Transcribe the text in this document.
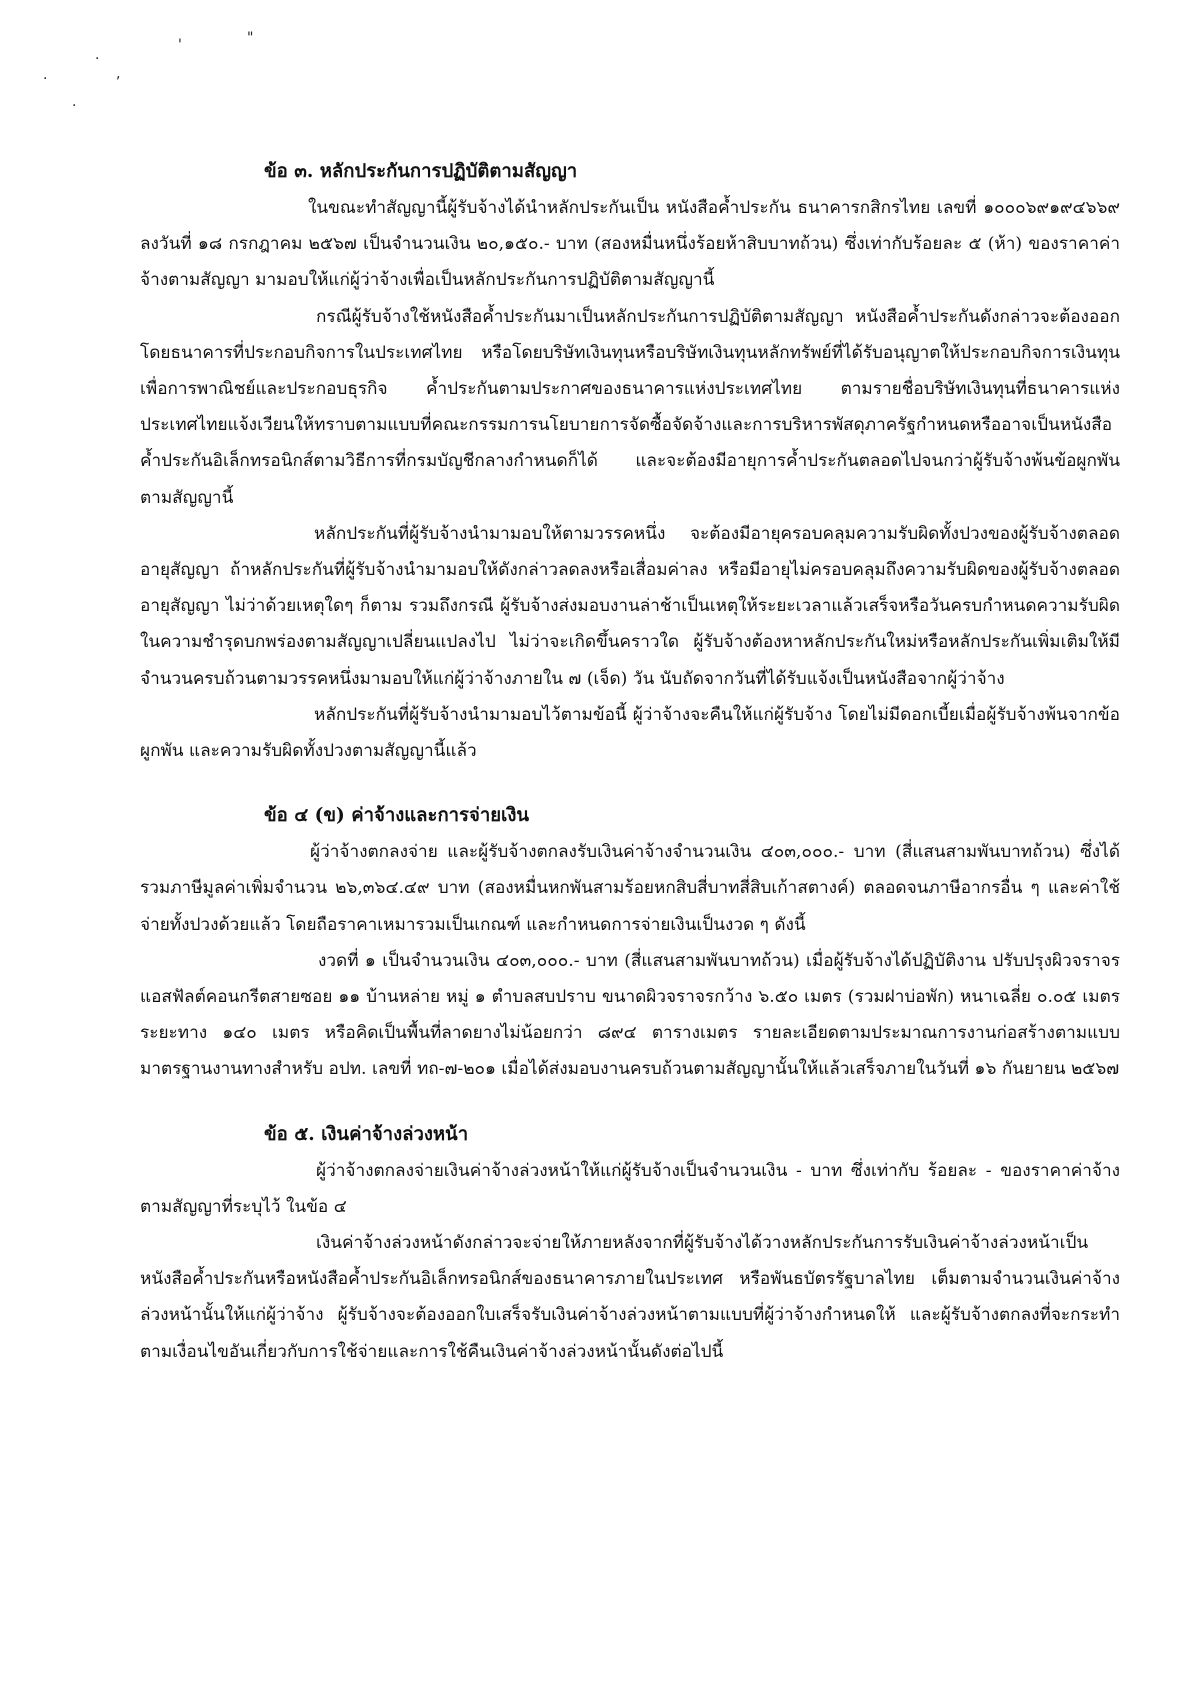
'	"
.
.	,
.
ข้อ ๓. หลักประกันการปฏิบัติตามสัญญา

ในขณะทำสัญญานี้ผู้รับจ้างได้นำหลักประกันเป็น หนังสือค้ำประกัน ธนาคารกสิกรไทย เลขที่ ๑๐๐๐๖๙๑๙๔๖๖๙ ลงวันที่ ๑๘ กรกฎาคม ๒๕๖๗ เป็นจำนวนเงิน ๒๐,๑๕๐.- บาท (สองหมื่นหนึ่งร้อยห้าสิบบาทถ้วน) ซึ่งเท่ากับร้อยละ ๕ (ห้า) ของราคาค่าจ้างตามสัญญา มามอบให้แก่ผู้ว่าจ้างเพื่อเป็นหลักประกันการปฏิบัติตามสัญญานี้

กรณีผู้รับจ้างใช้หนังสือค้ำประกันมาเป็นหลักประกันการปฏิบัติตามสัญญา หนังสือค้ำประกันดังกล่าวจะต้องออกโดยธนาคารที่ประกอบกิจการในประเทศไทย หรือโดยบริษัทเงินทุนหรือบริษัทเงินทุนหลักทรัพย์ที่ได้รับอนุญาตให้ประกอบกิจการเงินทุนเพื่อการพาณิชย์และประกอบธุรกิจ ค้ำประกันตามประกาศของธนาคารแห่งประเทศไทย ตามรายชื่อบริษัทเงินทุนที่ธนาคารแห่งประเทศไทยแจ้งเวียนให้ทราบตามแบบที่คณะกรรมการนโยบายการจัดซื้อจัดจ้างและการบริหารพัสดุภาครัฐกำหนดหรืออาจเป็นหนังสือค้ำประกันอิเล็กทรอนิกส์ตามวิธีการที่กรมบัญชีกลางกำหนดก็ได้ และจะต้องมีอายุการค้ำประกันตลอดไปจนกว่าผู้รับจ้างพ้นข้อผูกพันตามสัญญานี้

หลักประกันที่ผู้รับจ้างนำมามอบให้ตามวรรคหนึ่ง จะต้องมีอายุครอบคลุมความรับผิดทั้งปวงของผู้รับจ้างตลอดอายุสัญญา ถ้าหลักประกันที่ผู้รับจ้างนำมามอบให้ดังกล่าวลดลงหรือเสื่อมค่าลง หรือมีอายุไม่ครอบคลุมถึงความรับผิดของผู้รับจ้างตลอดอายุสัญญา ไม่ว่าด้วยเหตุใดๆ ก็ตาม รวมถึงกรณี ผู้รับจ้างส่งมอบงานล่าช้าเป็นเหตุให้ระยะเวลาแล้วเสร็จหรือวันครบกำหนดความรับผิดในความชำรุดบกพร่องตามสัญญาเปลี่ยนแปลงไป ไม่ว่าจะเกิดขึ้นคราวใด ผู้รับจ้างต้องหาหลักประกันใหม่หรือหลักประกันเพิ่มเติมให้มีจำนวนครบถ้วนตามวรรคหนึ่งมามอบให้แก่ผู้ว่าจ้างภายใน ๗ (เจ็ด) วัน นับถัดจากวันที่ได้รับแจ้งเป็นหนังสือจากผู้ว่าจ้าง

หลักประกันที่ผู้รับจ้างนำมามอบไว้ตามข้อนี้ ผู้ว่าจ้างจะคืนให้แก่ผู้รับจ้าง โดยไม่มีดอกเบี้ยเมื่อผู้รับจ้างพ้นจากข้อผูกพัน และความรับผิดทั้งปวงตามสัญญานี้แล้ว

ข้อ ๔ (ข) ค่าจ้างและการจ่ายเงิน

ผู้ว่าจ้างตกลงจ่าย และผู้รับจ้างตกลงรับเงินค่าจ้างจำนวนเงิน ๔๐๓,๐๐๐.- บาท (สี่แสนสามพันบาทถ้วน) ซึ่งได้รวมภาษีมูลค่าเพิ่มจำนวน ๒๖,๓๖๔.๔๙ บาท (สองหมื่นหกพันสามร้อยหกสิบสี่บาทสี่สิบเก้าสตางค์) ตลอดจนภาษีอากรอื่น ๆ และค่าใช้จ่ายทั้งปวงด้วยแล้ว โดยถือราคาเหมารวมเป็นเกณฑ์ และกำหนดการจ่ายเงินเป็นงวด ๆ ดังนี้

งวดที่ ๑ เป็นจำนวนเงิน ๔๐๓,๐๐๐.- บาท (สี่แสนสามพันบาทถ้วน) เมื่อผู้รับจ้างได้ปฏิบัติงาน ปรับปรุงผิวจราจรแอสฟัลต์คอนกรีตสายซอย ๑๑ บ้านหล่าย หมู่ ๑ ตำบลสบปราบ ขนาดผิวจราจรกว้าง ๖.๕๐ เมตร (รวมฝาบ่อพัก) หนาเฉลี่ย ๐.๐๕ เมตร ระยะทาง ๑๔๐ เมตร หรือคิดเป็นพื้นที่ลาดยางไม่น้อยกว่า ๘๙๔ ตารางเมตร รายละเอียดตามประมาณการงานก่อสร้างตามแบบมาตรฐานงานทางสำหรับ อปท. เลขที่ ทถ-๗-๒๐๑ เมื่อได้ส่งมอบงานครบถ้วนตามสัญญานั้นให้แล้วเสร็จภายในวันที่ ๑๖ กันยายน ๒๕๖๗

ข้อ ๕. เงินค่าจ้างล่วงหน้า

ผู้ว่าจ้างตกลงจ่ายเงินค่าจ้างล่วงหน้าให้แก่ผู้รับจ้างเป็นจำนวนเงิน - บาท ซึ่งเท่ากับ ร้อยละ - ของราคาค่าจ้าง ตามสัญญาที่ระบุไว้ ในข้อ ๔

เงินค่าจ้างล่วงหน้าดังกล่าวจะจ่ายให้ภายหลังจากที่ผู้รับจ้างได้วางหลักประกันการรับเงินค่าจ้างล่วงหน้าเป็นหนังสือค้ำประกันหรือหนังสือค้ำประกันอิเล็กทรอนิกส์ของธนาคารภายในประเทศ หรือพันธบัตรรัฐบาลไทย เต็มตามจำนวนเงินค่าจ้างล่วงหน้านั้นให้แก่ผู้ว่าจ้าง ผู้รับจ้างจะต้องออกใบเสร็จรับเงินค่าจ้างล่วงหน้าตามแบบที่ผู้ว่าจ้างกำหนดให้ และผู้รับจ้างตกลงที่จะกระทำตามเงื่อนไขอันเกี่ยวกับการใช้จ่ายและการใช้คืนเงินค่าจ้างล่วงหน้านั้นดังต่อไปนี้
